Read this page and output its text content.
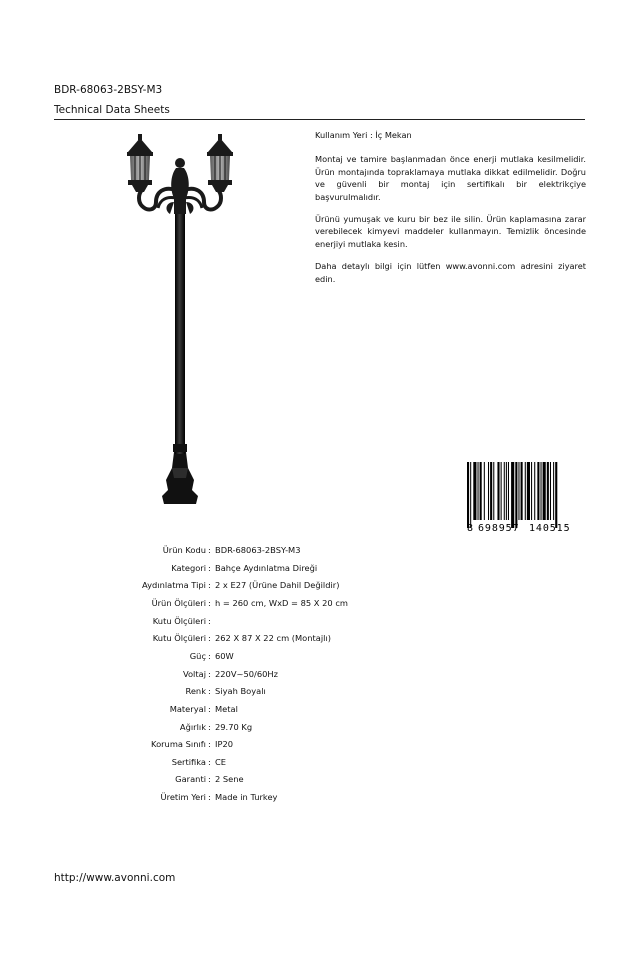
BDR-68063-2BSY-M3
Technical Data Sheets

Kullanım Yeri : İç Mekan

Montaj ve tamire başlanmadan önce enerji mutlaka kesilmelidir. Ürün montajında topraklamaya mutlaka dikkat edilmelidir. Doğru ve güvenli bir montaj için sertifikalı bir elektrikçiye başvurulmalıdır.

Ürünü yumuşak ve kuru bir bez ile silin. Ürün kaplamasına zarar verebilecek kimyevi maddeler kullanmayın. Temizlik öncesinde enerjiyi mutlaka kesin.

Daha detaylı bilgi için lütfen www.avonni.com adresini ziyaret edin.

8 698957 140515
Ürün Kodu : BDR-68063-2BSY-M3
Kategori : Bahçe Aydınlatma Direği
Aydınlatma Tipi : 2 x E27 (Ürüne Dahil Değildir)
Ürün Ölçüleri : h = 260 cm, WxD = 85 X 20 cm
Kutu Ölçüleri :
Kutu Ölçüleri : 262 X 87 X 22 cm (Montajlı)
Güç : 60W
Voltaj : 220V~50/60Hz
Renk : Siyah Boyalı
Materyal : Metal
Ağırlık : 29.70 Kg
Koruma Sınıfı : IP20
Sertifika : CE
Garanti : 2 Sene
Üretim Yeri : Made in Turkey
http://www.avonni.com
